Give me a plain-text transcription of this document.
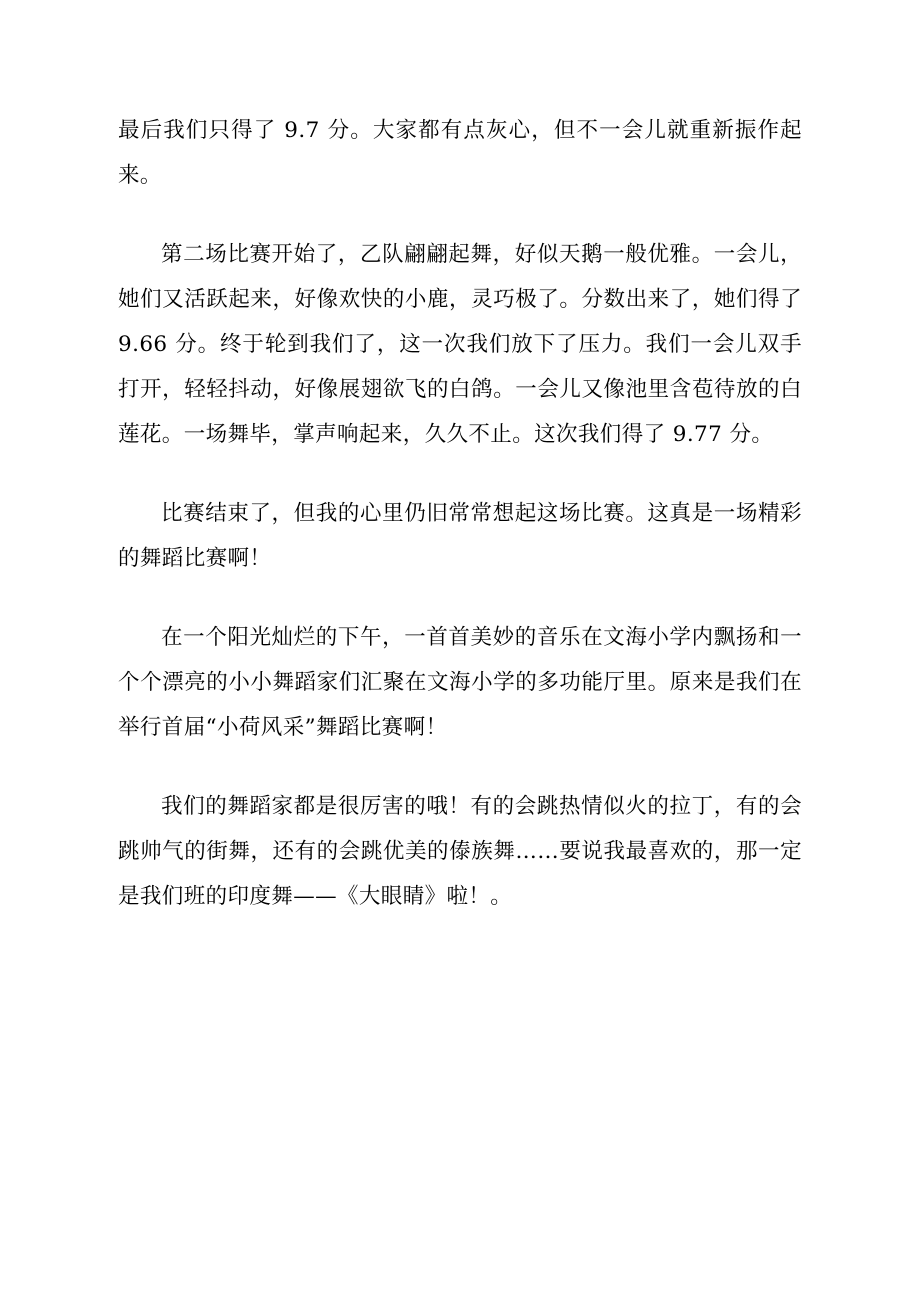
最后我们只得了 9.7 分。大家都有点灰心，但不一会儿就重新振作起来。

第二场比赛开始了，乙队翩翩起舞，好似天鹅一般优雅。一会儿，她们又活跃起来，好像欢快的小鹿，灵巧极了。分数出来了，她们得了 9.66 分。终于轮到我们了，这一次我们放下了压力。我们一会儿双手打开，轻轻抖动，好像展翅欲飞的白鸽。一会儿又像池里含苞待放的白莲花。一场舞毕，掌声响起来，久久不止。这次我们得了 9.77 分。

比赛结束了，但我的心里仍旧常常想起这场比赛。这真是一场精彩的舞蹈比赛啊！

在一个阳光灿烂的下午，一首首美妙的音乐在文海小学内飘扬和一个个漂亮的小小舞蹈家们汇聚在文海小学的多功能厅里。原来是我们在举行首届“小荷风采”舞蹈比赛啊！

我们的舞蹈家都是很厉害的哦！有的会跳热情似火的拉丁，有的会跳帅气的街舞，还有的会跳优美的傣族舞……要说我最喜欢的，那一定是我们班的印度舞——《大眼睛》啦！。
